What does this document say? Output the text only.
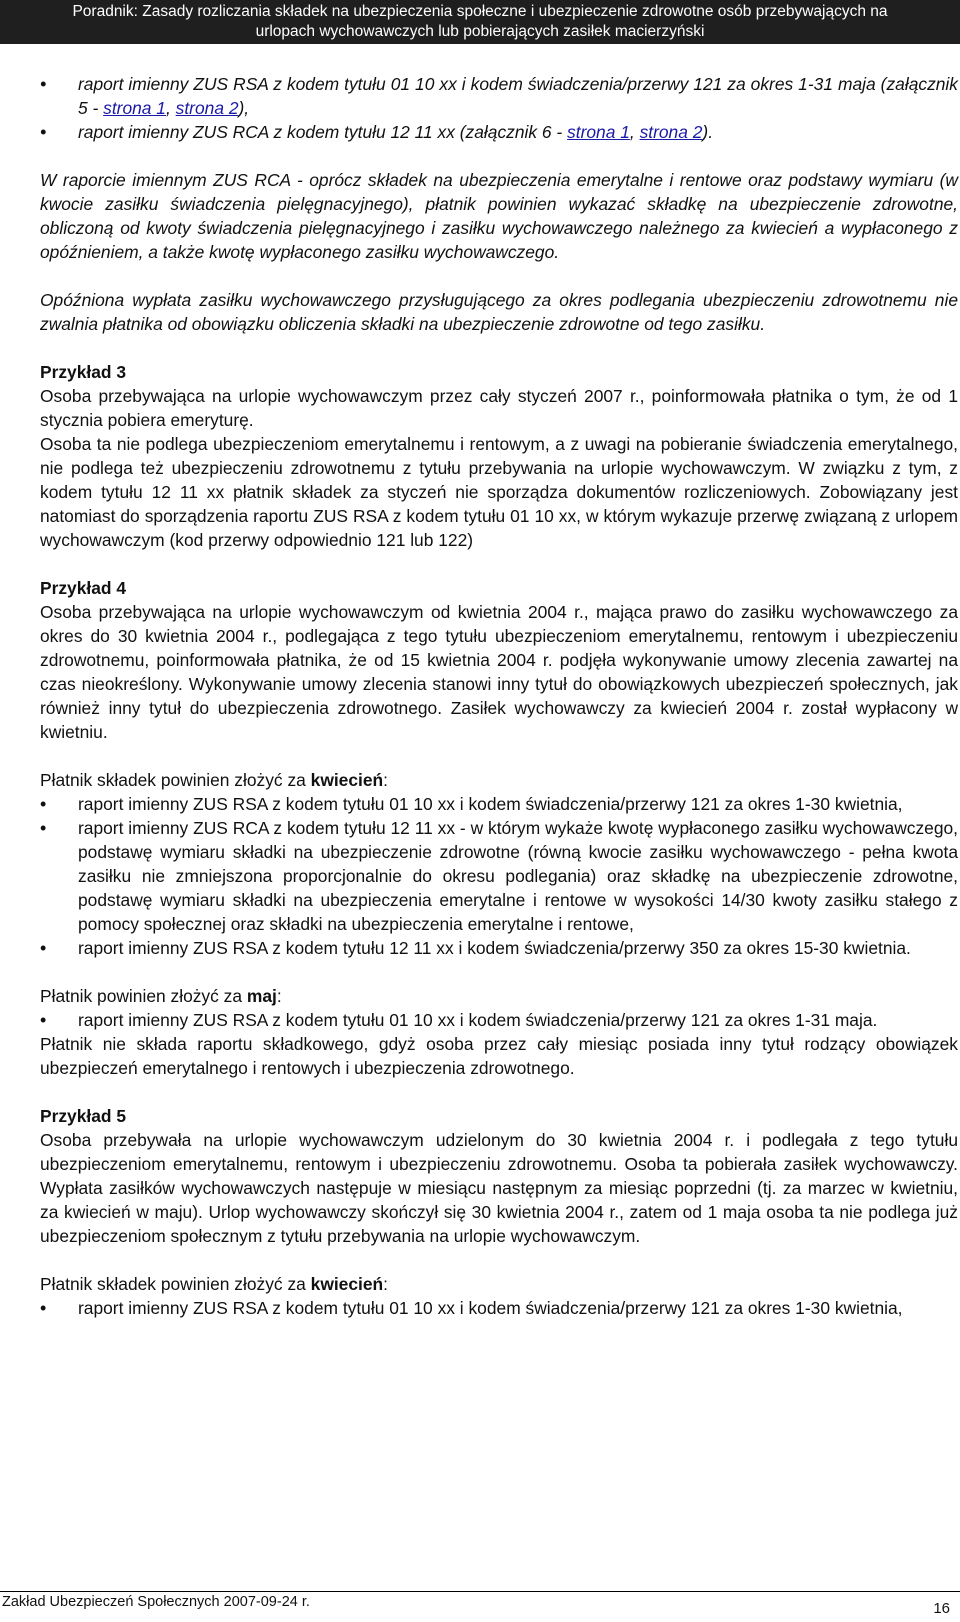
Poradnik: Zasady rozliczania składek na ubezpieczenia społeczne i ubezpieczenie zdrowotne osób przebywających na
urlopach wychowawczych lub pobierających zasiłek macierzyński
• raport imienny ZUS RSA z kodem tytułu 01 10 xx i kodem świadczenia/przerwy 121 za okres 1-31 maja (załącznik 5 - strona 1, strona 2),
• raport imienny ZUS RCA z kodem tytułu 12 11 xx (załącznik 6 - strona 1, strona 2).

W raporcie imiennym ZUS RCA - oprócz składek na ubezpieczenia emerytalne i rentowe oraz podstawy wymiaru (w kwocie zasiłku świadczenia pielęgnacyjnego), płatnik powinien wykazać składkę na ubezpieczenie zdrowotne, obliczoną od kwoty świadczenia pielęgnacyjnego i zasiłku wychowawczego należnego za kwiecień a wypłaconego z opóźnieniem, a także kwotę wypłaconego zasiłku wychowawczego.

Opóźniona wypłata zasiłku wychowawczego przysługującego za okres podlegania ubezpieczeniu zdrowotnemu nie zwalnia płatnika od obowiązku obliczenia składki na ubezpieczenie zdrowotne od tego zasiłku.

Przykład 3

Osoba przebywająca na urlopie wychowawczym przez cały styczeń 2007 r., poinformowała płatnika o tym, że od 1 stycznia pobiera emeryturę.

Osoba ta nie podlega ubezpieczeniom emerytalnemu i rentowym, a z uwagi na pobieranie świadczenia emerytalnego, nie podlega też ubezpieczeniu zdrowotnemu z tytułu przebywania na urlopie wychowawczym. W związku z tym, z kodem tytułu 12 11 xx płatnik składek za styczeń nie sporządza dokumentów rozliczeniowych. Zobowiązany jest natomiast do sporządzenia raportu ZUS RSA z kodem tytułu 01 10 xx, w którym wykazuje przerwę związaną z urlopem wychowawczym (kod przerwy odpowiednio 121 lub 122)

Przykład 4

Osoba przebywająca na urlopie wychowawczym od kwietnia 2004 r., mająca prawo do zasiłku wychowawczego za okres do 30 kwietnia 2004 r., podlegająca z tego tytułu ubezpieczeniom emerytalnemu, rentowym i ubezpieczeniu zdrowotnemu, poinformowała płatnika, że od 15 kwietnia 2004 r. podjęła wykonywanie umowy zlecenia zawartej na czas nieokreślony. Wykonywanie umowy zlecenia stanowi inny tytuł do obowiązkowych ubezpieczeń społecznych, jak również inny tytuł do ubezpieczenia zdrowotnego. Zasiłek wychowawczy za kwiecień 2004 r. został wypłacony w kwietniu.

Płatnik składek powinien złożyć za kwiecień:

• raport imienny ZUS RSA z kodem tytułu 01 10 xx i kodem świadczenia/przerwy 121 za okres 1-30 kwietnia,
• raport imienny ZUS RCA z kodem tytułu 12 11 xx - w którym wykaże kwotę wypłaconego zasiłku wychowawczego, podstawę wymiaru składki na ubezpieczenie zdrowotne (równą kwocie zasiłku wychowawczego - pełna kwota zasiłku nie zmniejszona proporcjonalnie do okresu podlegania) oraz składkę na ubezpieczenie zdrowotne, podstawę wymiaru składki na ubezpieczenia emerytalne i rentowe w wysokości 14/30 kwoty zasiłku stałego z pomocy społecznej oraz składki na ubezpieczenia emerytalne i rentowe,
• raport imienny ZUS RSA z kodem tytułu 12 11 xx i kodem świadczenia/przerwy 350 za okres 15-30 kwietnia.

Płatnik powinien złożyć za maj:

• raport imienny ZUS RSA z kodem tytułu 01 10 xx i kodem świadczenia/przerwy 121 za okres 1-31 maja.

Płatnik nie składa raportu składkowego, gdyż osoba przez cały miesiąc posiada inny tytuł rodzący obowiązek ubezpieczeń emerytalnego i rentowych i ubezpieczenia zdrowotnego.

Przykład 5

Osoba przebywała na urlopie wychowawczym udzielonym do 30 kwietnia 2004 r. i podlegała z tego tytułu ubezpieczeniom emerytalnemu, rentowym i ubezpieczeniu zdrowotnemu. Osoba ta pobierała zasiłek wychowawczy. Wypłata zasiłków wychowawczych następuje w miesiącu następnym za miesiąc poprzedni (tj. za marzec w kwietniu, za kwiecień w maju). Urlop wychowawczy skończył się 30 kwietnia 2004 r., zatem od 1 maja osoba ta nie podlega już ubezpieczeniom społecznym z tytułu przebywania na urlopie wychowawczym.

Płatnik składek powinien złożyć za kwiecień:

• raport imienny ZUS RSA z kodem tytułu 01 10 xx i kodem świadczenia/przerwy 121 za okres 1-30 kwietnia,
Zakład Ubezpieczeń Społecznych 2007-09-24 r.	16
